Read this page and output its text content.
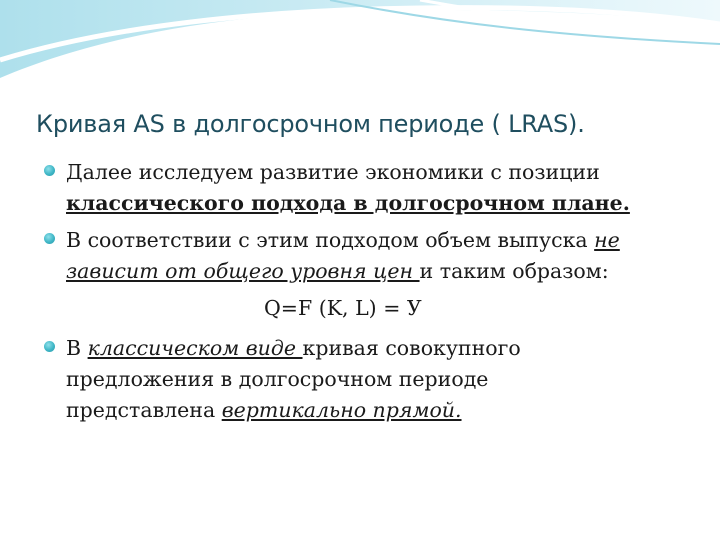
Кривая AS в долгосрочном периоде ( LRAS).
Далее исследуем развитие экономики с позиции
классического подхода в долгосрочном плане.
В соответствии с этим подходом объем выпуска не
зависит от общего уровня цен и таким образом:
Q=F (K, L) = У
В классическом виде кривая совокупного
предложения в долгосрочном периоде
представлена вертикально прямой.
